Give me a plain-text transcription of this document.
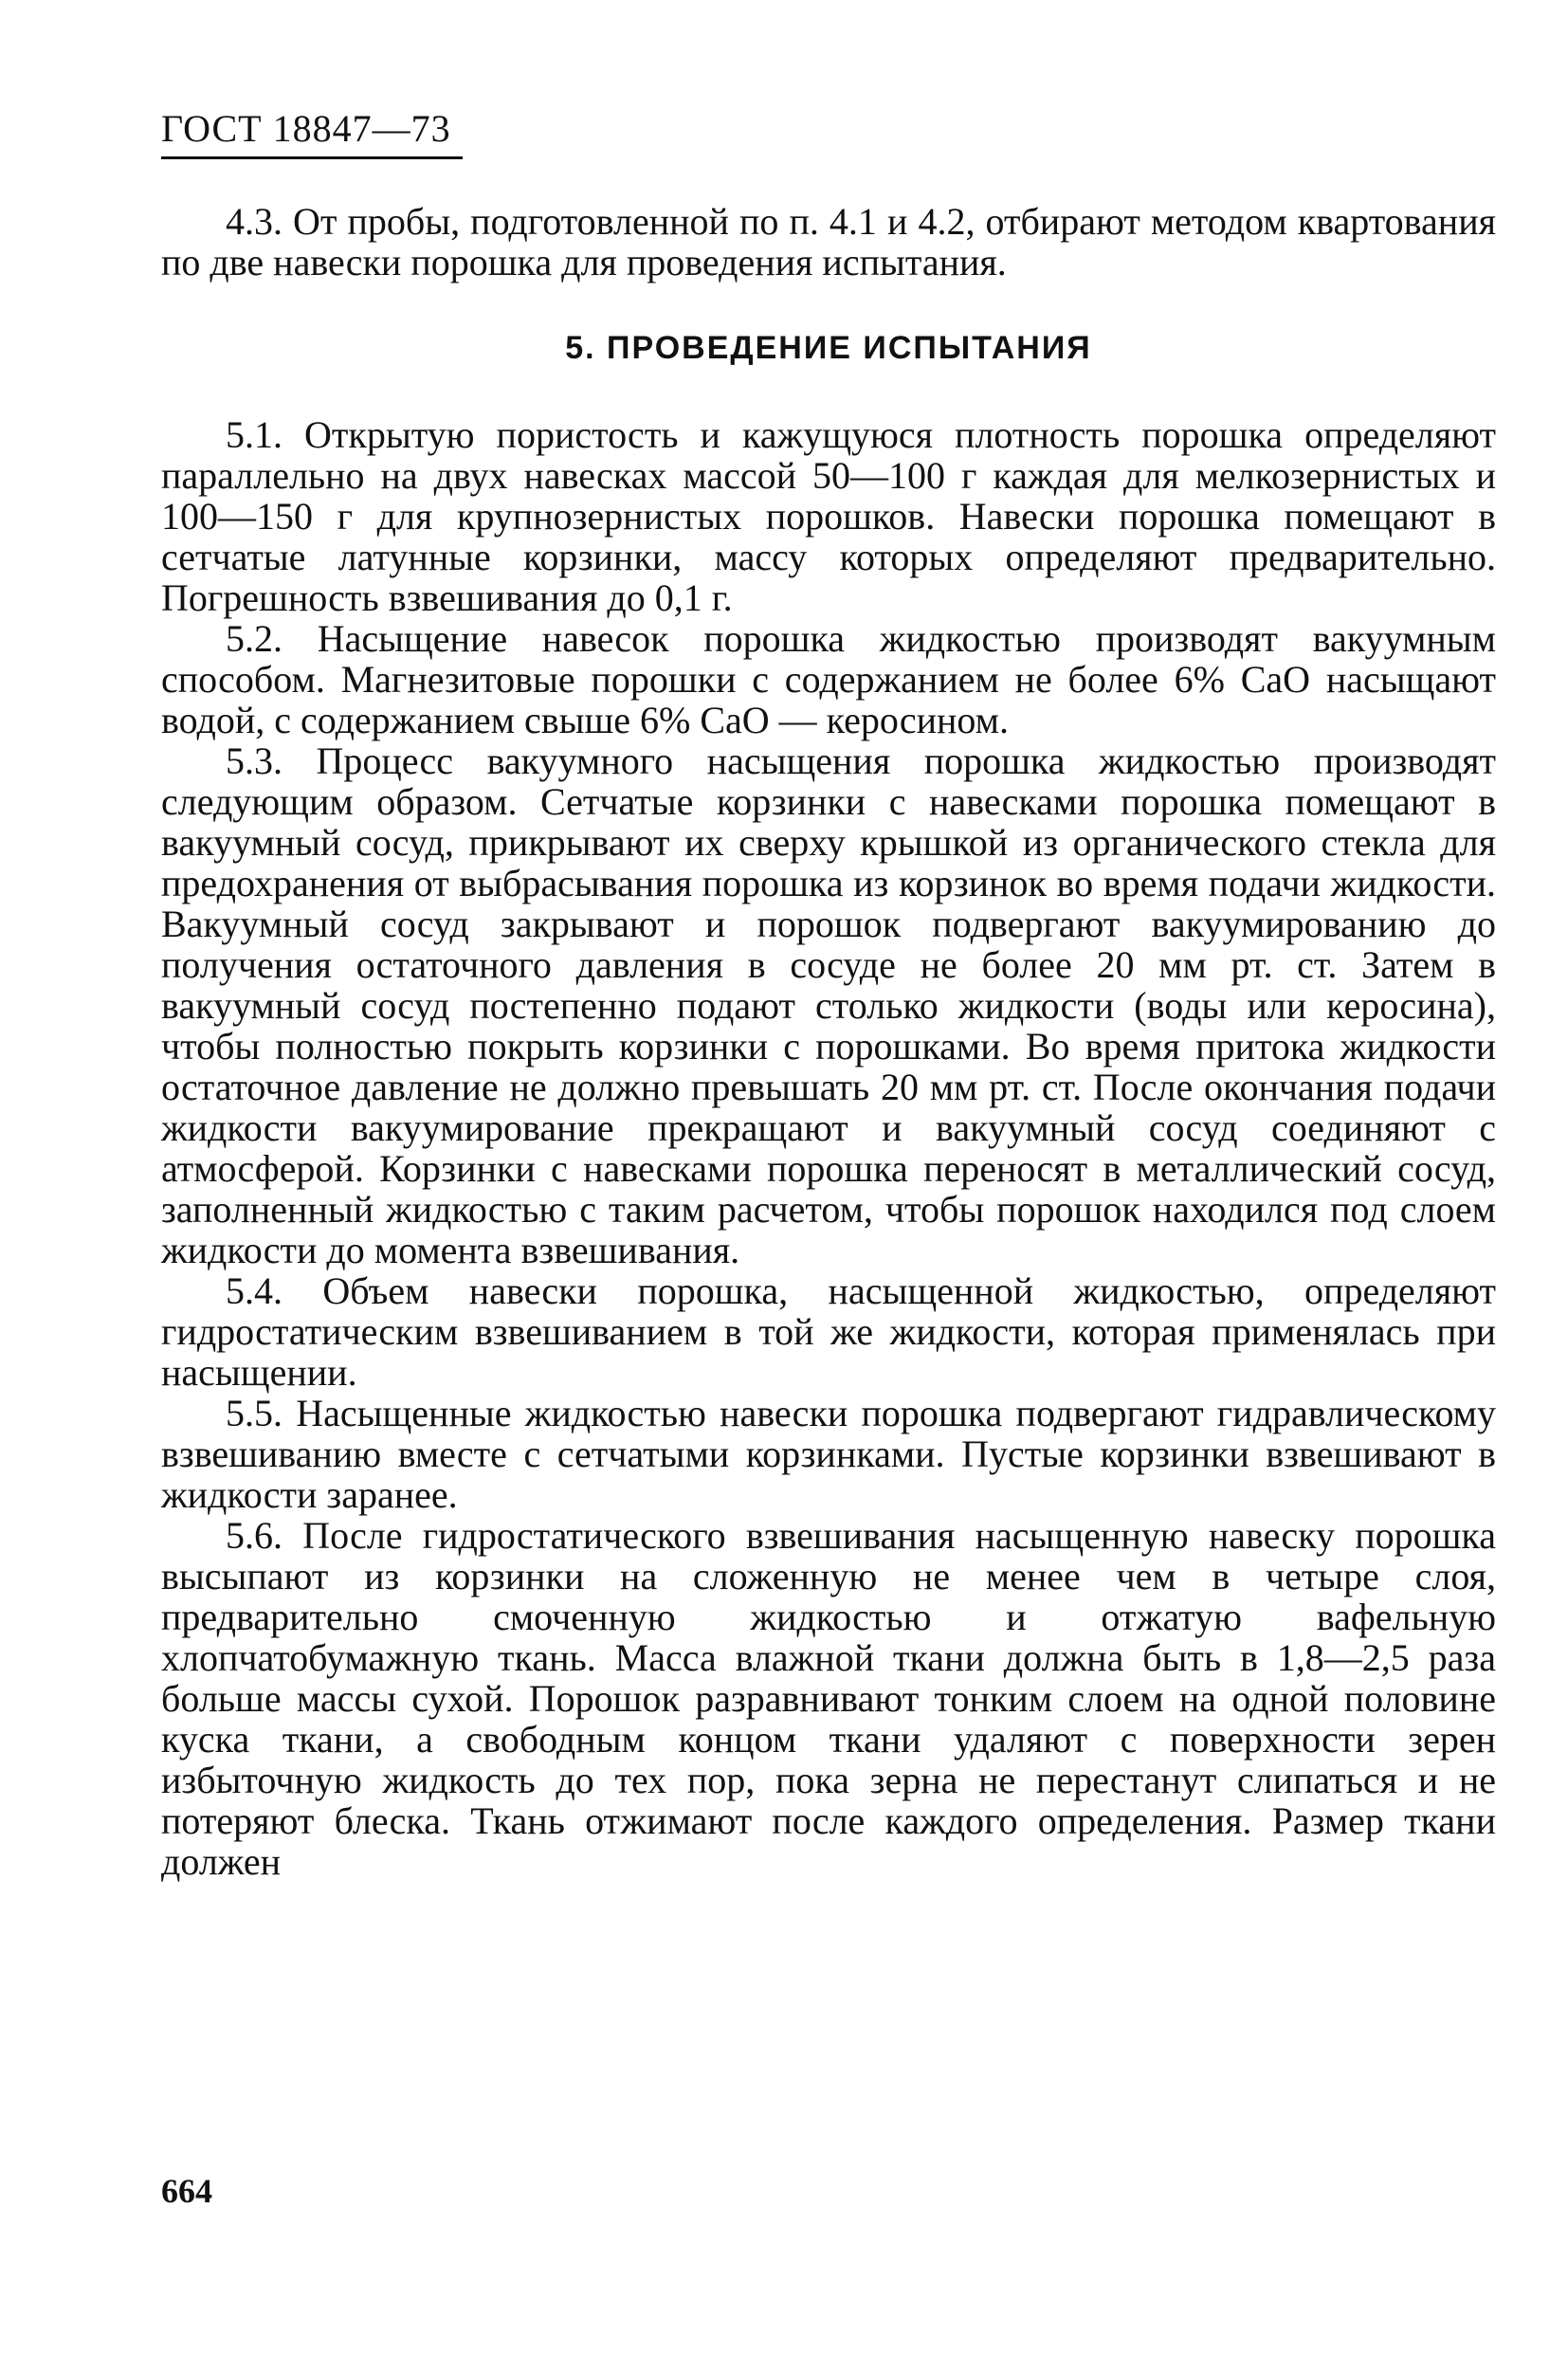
ГОСТ 18847—73

4.3. От пробы, подготовленной по п. 4.1 и 4.2, отбирают методом квартования по две навески порошка для проведения испытания.

5. ПРОВЕДЕНИЕ ИСПЫТАНИЯ

5.1. Открытую пористость и кажущуюся плотность порошка определяют параллельно на двух навесках массой 50—100 г каждая для мелкозернистых и 100—150 г для крупнозернистых порошков. Навески порошка помещают в сетчатые латунные корзинки, массу которых определяют предварительно. Погрешность взвешивания до 0,1 г.

5.2. Насыщение навесок порошка жидкостью производят вакуумным способом. Магнезитовые порошки с содержанием не более 6% CaO насыщают водой, с содержанием свыше 6% CaO — керосином.

5.3. Процесс вакуумного насыщения порошка жидкостью производят следующим образом. Сетчатые корзинки с навесками порошка помещают в вакуумный сосуд, прикрывают их сверху крышкой из органического стекла для предохранения от выбрасывания порошка из корзинок во время подачи жидкости. Вакуумный сосуд закрывают и порошок подвергают вакуумированию до получения остаточного давления в сосуде не более 20 мм рт. ст. Затем в вакуумный сосуд постепенно подают столько жидкости (воды или керосина), чтобы полностью покрыть корзинки с порошками. Во время притока жидкости остаточное давление не должно превышать 20 мм рт. ст. После окончания подачи жидкости вакуумирование прекращают и вакуумный сосуд соединяют с атмосферой. Корзинки с навесками порошка переносят в металлический сосуд, заполненный жидкостью с таким расчетом, чтобы порошок находился под слоем жидкости до момента взвешивания.

5.4. Объем навески порошка, насыщенной жидкостью, определяют гидростатическим взвешиванием в той же жидкости, которая применялась при насыщении.

5.5. Насыщенные жидкостью навески порошка подвергают гидравлическому взвешиванию вместе с сетчатыми корзинками. Пустые корзинки взвешивают в жидкости заранее.

5.6. После гидростатического взвешивания насыщенную навеску порошка высыпают из корзинки на сложенную не менее чем в четыре слоя, предварительно смоченную жидкостью и отжатую вафельную хлопчатобумажную ткань. Масса влажной ткани должна быть в 1,8—2,5 раза больше массы сухой. Порошок разравнивают тонким слоем на одной половине куска ткани, а свободным концом ткани удаляют с поверхности зерен избыточную жидкость до тех пор, пока зерна не перестанут слипаться и не потеряют блеска. Ткань отжимают после каждого определения. Размер ткани должен

664
